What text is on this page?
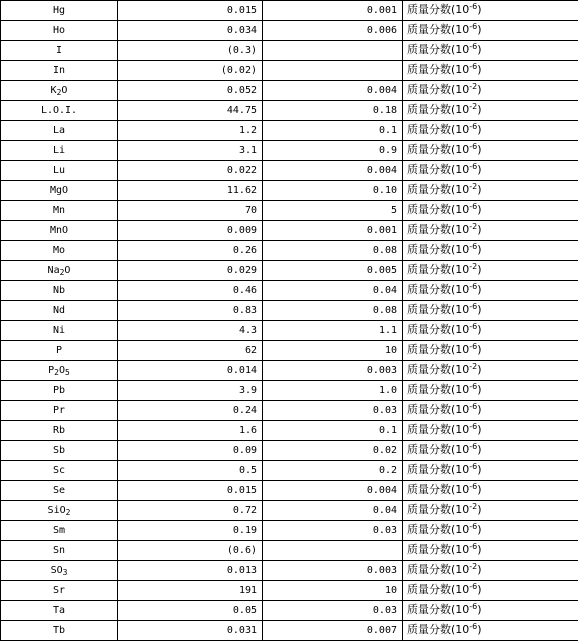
Hg	0.015	0.001	质量分数$(10^{-6})$
Ho	0.034	0.006	质量分数$(10^{-6})$
I	(0.3)		质量分数$(10^{-6})$
In	(0.02)		质量分数$(10^{-6})$
$K_2O$	0.052	0.004	质量分数$(10^{-2})$
L.O.I.	44.75	0.18	质量分数$(10^{-2})$
La	1.2	0.1	质量分数$(10^{-6})$
Li	3.1	0.9	质量分数$(10^{-6})$
Lu	0.022	0.004	质量分数$(10^{-6})$
MgO	11.62	0.10	质量分数$(10^{-2})$
Mn	70	5	质量分数$(10^{-6})$
MnO	0.009	0.001	质量分数$(10^{-2})$
Mo	0.26	0.08	质量分数$(10^{-6})$
$Na_2O$	0.029	0.005	质量分数$(10^{-2})$
Nb	0.46	0.04	质量分数$(10^{-6})$
Nd	0.83	0.08	质量分数$(10^{-6})$
Ni	4.3	1.1	质量分数$(10^{-6})$
P	62	10	质量分数$(10^{-6})$
$P_2O_5$	0.014	0.003	质量分数$(10^{-2})$
Pb	3.9	1.0	质量分数$(10^{-6})$
Pr	0.24	0.03	质量分数$(10^{-6})$
Rb	1.6	0.1	质量分数$(10^{-6})$
Sb	0.09	0.02	质量分数$(10^{-6})$
Sc	0.5	0.2	质量分数$(10^{-6})$
Se	0.015	0.004	质量分数$(10^{-6})$
SiO$_2$	0.72	0.04	质量分数$(10^{-2})$
Sm	0.19	0.03	质量分数$(10^{-6})$
Sn	(0.6)		质量分数$(10^{-6})$
$SO_3$	0.013	0.003	质量分数$(10^{-2})$
Sr	191	10	质量分数$(10^{-6})$
Ta	0.05	0.03	质量分数$(10^{-6})$
Tb	0.031	0.007	质量分数$(10^{-6})$
